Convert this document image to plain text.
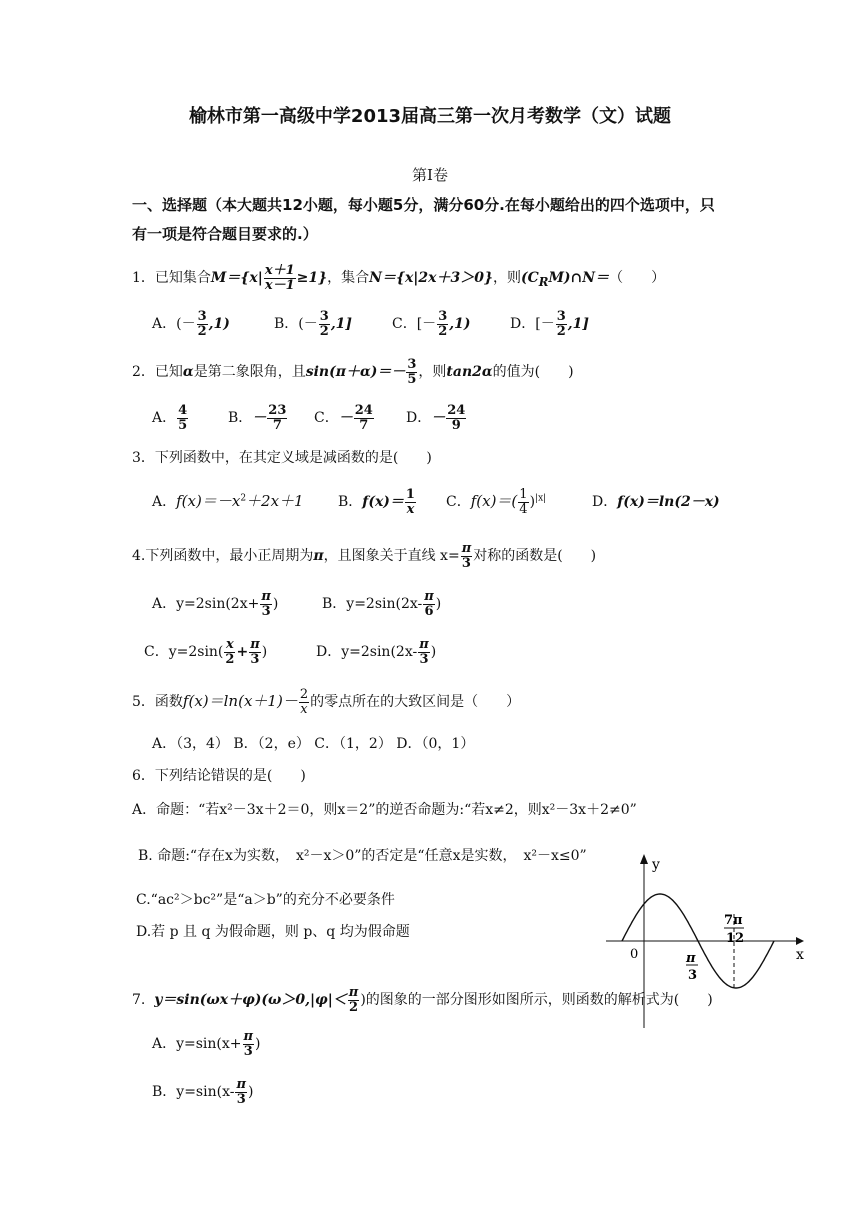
榆林市第一高级中学2013届高三第一次月考数学（文）试题
第Ⅰ卷
一、选择题（本大题共12小题，每小题5分，满分60分.在每小题给出的四个选项中，只
有一项是符合题目要求的.）
1．已知集合$M=\{x| \frac{x+1}{x-1} \ge 1\}$，集合N＝{x|2x＋3＞0}，则$(C_RM)\cap N=$（　　）
A．(－ $\frac{3}{2} ,1$)	B．(－ $\frac{3}{2} ,1$]	C．[－ $\frac{3}{2} ,1$)	D．[－ $\frac{3}{2} ,1$]
2．已知α是第二象限角，且$\sin(\pi+\alpha)=- \frac{3}{5}$ ，则tan2α的值为(　　)
A． $\frac{4}{5}$	B．－ $\frac{23}{7}$ C．－ $\frac{24}{7}$ D．－ $\frac{24}{9}$
3．下列函数中，在其定义域是减函数的是(　　)
A．$f(x)=-x^2+2x+1$ B．$f(x)= \frac{1}{x}$ C．$f(x)=( \frac{1}{4} )^{|x|}$	D．f(x)＝ln(2－x)
4.下列函数中，最小正周期为π，且图象关于直线 $x= \frac{\pi}{3}$ 对称的函数是(　　)
A．$y=2\sin(2x+ \frac{\pi}{3}$ )	B．$y=2\sin(2x- \frac{\pi}{6}$ )
C．$y=2\sin( \frac{x}{2} + \frac{\pi}{3}$ )	D．$y=2\sin(2x- \frac{\pi}{3}$ )
5．函数$f(x)=\ln(x+1)- \frac{2}{x}$ 的零点所在的大致区间是（　　）
A．（3，4） B．（2，e） C．（1，2） D．（0，1）
6．下列结论错误的是(　　)
A．命题：“若x²－3x＋2＝0，则x＝2”的逆否命题为:“若x≠2，则x²－3x＋2≠0”
B. 命题:“存在x为实数，　x²－x＞0”的否定是“任意x是实数，　x²－x≤0”
C.“ac²＞bc²”是“a＞b”的充分不必要条件
D.若 p 且 q 为假命题，则 p、q 均为假命题
y
x
0	π
3
7π
12
7. $y=\sin(\omega x+\varphi)(\omega>0,|\varphi|< \frac{\pi}{2}$ )的图象的一部分图形如图所示，则函数的解析式为(　　)
A．$y=\sin(x+ \frac{\pi}{3}$ )
B．$y=\sin(x- \frac{\pi}{3}$ )
